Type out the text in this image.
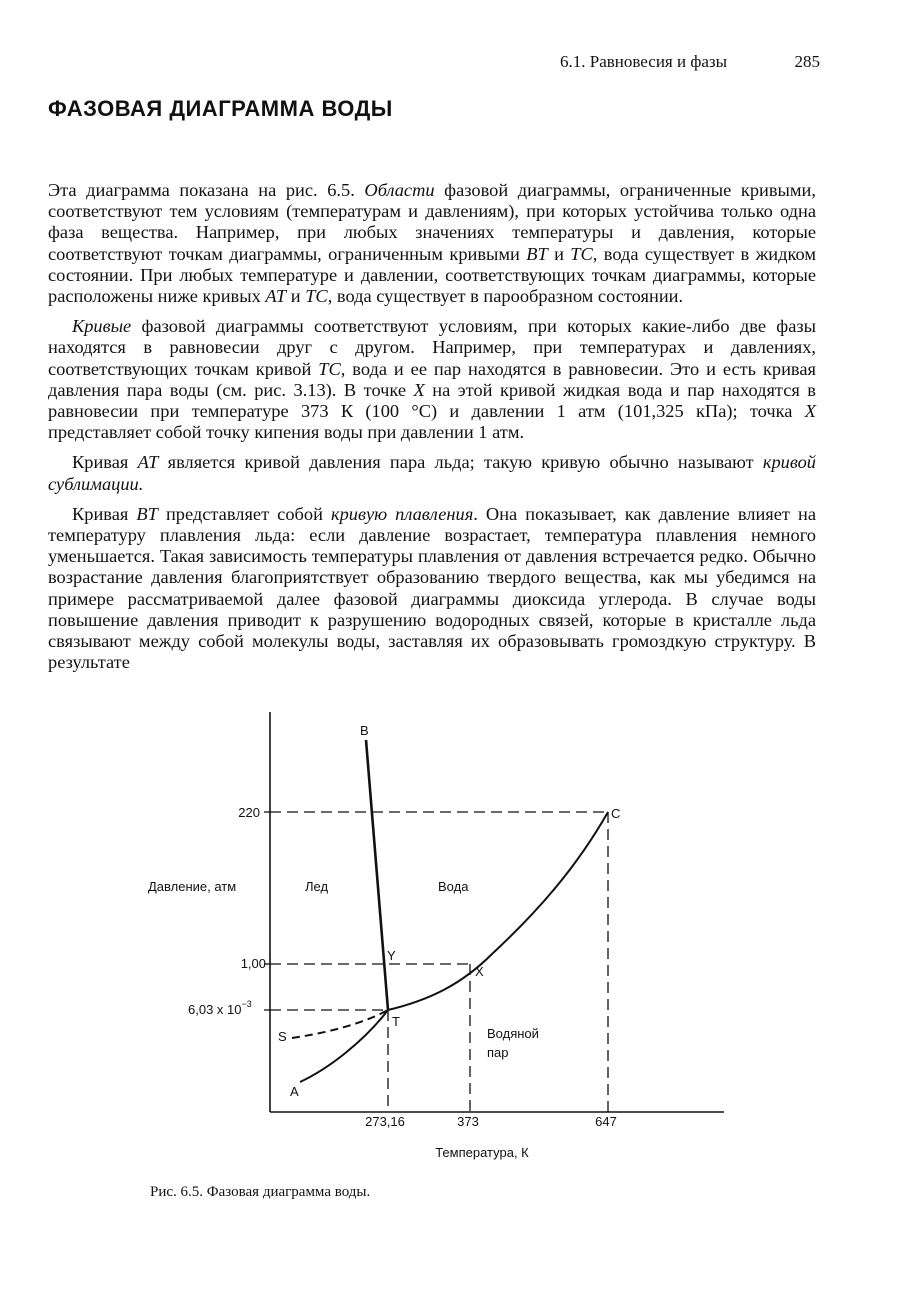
6.1. Равновесия и фазы	285
ФАЗОВАЯ ДИАГРАММА ВОДЫ

Эта диаграмма показана на рис. 6.5. Области фазовой диаграммы, ограниченные кривыми, соответствуют тем условиям (температурам и давлениям), при которых устойчива только одна фаза вещества. Например, при любых значениях температуры и давления, которые соответствуют точкам диаграммы, ограниченным кривыми BT и TC, вода существует в жидком состоянии. При любых температуре и давлении, соответствующих точкам диаграммы, которые расположены ниже кривых AT и TC, вода существует в парообразном состоянии.

Кривые фазовой диаграммы соответствуют условиям, при которых какие-либо две фазы находятся в равновесии друг с другом. Например, при температурах и давлениях, соответствующих точкам кривой TC, вода и ее пар находятся в равновесии. Это и есть кривая давления пара воды (см. рис. 3.13). В точке X на этой кривой жидкая вода и пар находятся в равновесии при температуре 373 К (100 °С) и давлении 1 атм (101,325 кПа); точка X представляет собой точку кипения воды при давлении 1 атм.

Кривая AT является кривой давления пара льда; такую кривую обычно называют кривой сублимации.

Кривая BT представляет собой кривую плавления. Она показывает, как давление влияет на температуру плавления льда: если давление возрастает, температура плавления немного уменьшается. Такая зависимость температуры плавления от давления встречается редко. Обычно возрастание давления благоприятствует образованию твердого вещества, как мы убедимся на примере рассматриваемой далее фазовой диаграммы диоксида углерода. В случае воды повышение давления приводит к разрушению водородных связей, которые в кристалле льда связывают между собой молекулы воды, заставляя их образовывать громоздкую структуру. В результате

B
C
Y
X
T
S
A
Лед	Вода
Водяной
пар
Давление, атм
220
1,00
6,03 x $10^{-3}$
273,16	373	647
Температура, К
Рис. 6.5. Фазовая диаграмма воды.
